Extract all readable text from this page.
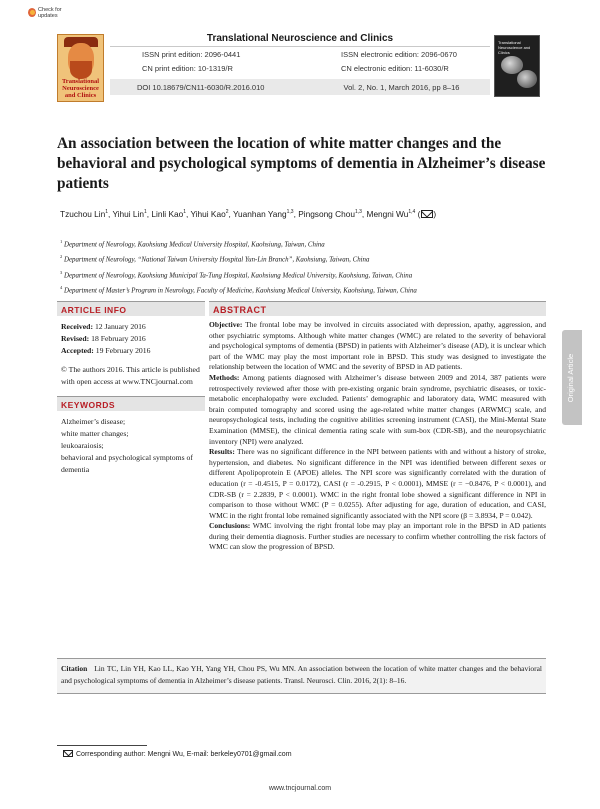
Check for updates
Translational Neuroscience and Clinics
Translational Neuroscience and Clinics
ISSN print edition: 2096-0441	ISSN electronic edition: 2096-0670
CN print edition: 10-1319/R	CN electronic edition: 11-6030/R
DOI 10.18679/CN11-6030/R.2016.010	Vol. 2, No. 1, March 2016, pp 8–16
Translational Neuroscience and Clinics
An association between the location of white matter changes and the behavioral and psychological symptoms of dementia in Alzheimer’s disease patients
Tzuchou Lin$^1$, Yihui Lin$^1$, Linli Kao$^1$, Yihui Kao$^2$, Yuanhan Yang$^{1,3}$, Pingsong Chou$^{1,3}$, Mengni Wu$^{1,4}$ ( )
$^1$ Department of Neurology, Kaohsiung Medical University Hospital, Kaohsiung, Taiwan, China
$^2$ Department of Neurology, “National Taiwan University Hospital Yun-Lin Branch”, Kaohsiung, Taiwan, China
$^3$ Department of Neurology, Kaohsiung Municipal Ta-Tung Hospital, Kaohsiung Medical University, Kaohsiung, Taiwan, China
$^4$ Department of Master’s Program in Neurology, Faculty of Medicine, Kaohsiung Medical University, Kaohsiung, Taiwan, China
ARTICLE INFO
Received: 12 January 2016
Revised: 18 February 2016
Accepted: 19 February 2016
© The authors 2016. This article is published with open access at www.TNCjournal.com
KEYWORDS
Alzheimer’s disease;
white matter changes;
leukoaraiosis;
behavioral and psychological symptoms of dementia
ABSTRACT

Objective: The frontal lobe may be involved in circuits associated with depression, apathy, aggression, and other psychiatric symptoms. Although white matter changes (WMC) are related to the severity of behavioral and psychological symptoms of dementia (BPSD) in patients with Alzheimer’s disease (AD), it is unclear which part of the WMC may play the most important role in BPSD. This study was designed to investigate the relationship between the location of WMC and the severity of BPSD in AD patients.

Methods: Among patients diagnosed with Alzheimer’s disease between 2009 and 2014, 387 patients were retrospectively reviewed after those with pre-existing organic brain syndrome, psychiatric diseases, or toxic-metabolic encephalopathy were excluded. Patients’ demographic and laboratory data, WMC measured with brain computed tomography and scored using the age-related white matter changes (ARWMC) scale, and neuropsychological tests, including the cognitive abilities screening instrument (CASI), the Mini-Mental State Examination (MMSE), the clinical dementia rating scale with sum-box (CDR-SB), and the neuropsychiatric inventory (NPI) were analyzed.

Results: There was no significant difference in the NPI between patients with and without a history of stroke, hypertension, and diabetes. No significant difference in the NPI was identified between different sexes or different Apolipoprotein E (APOE) alleles. The NPI score was significantly correlated with the duration of education (r = -0.4515, P = 0.0172), CASI (r = -0.2915, P < 0.0001), MMSE (r = −0.8476, P < 0.0001), and CDR-SB (r = 2.2839, P < 0.0001). WMC in the right frontal lobe showed a significant difference in NPI in comparison to those without WMC (P = 0.0255). After adjusting for age, duration of education, and CASI, WMC in the right frontal lobe remained significantly associated with the NPI score (β = 3.8934, P = 0.042).

Conclusions: WMC involving the right frontal lobe may play an important role in the BPSD in AD patients during their dementia diagnosis. Further studies are necessary to confirm whether controlling the risk factors of WMC can slow the progression of BPSD.

Original Article
Citation Lin TC, Lin YH, Kao LL, Kao YH, Yang YH, Chou PS, Wu MN. An association between the location of white matter changes and the behavioral and psychological symptoms of dementia in Alzheimer’s disease patients. Transl. Neurosci. Clin. 2016, 2(1): 8–16.
Corresponding author: Mengni Wu, E-mail: berkeley0701@gmail.com
www.tncjournal.com
